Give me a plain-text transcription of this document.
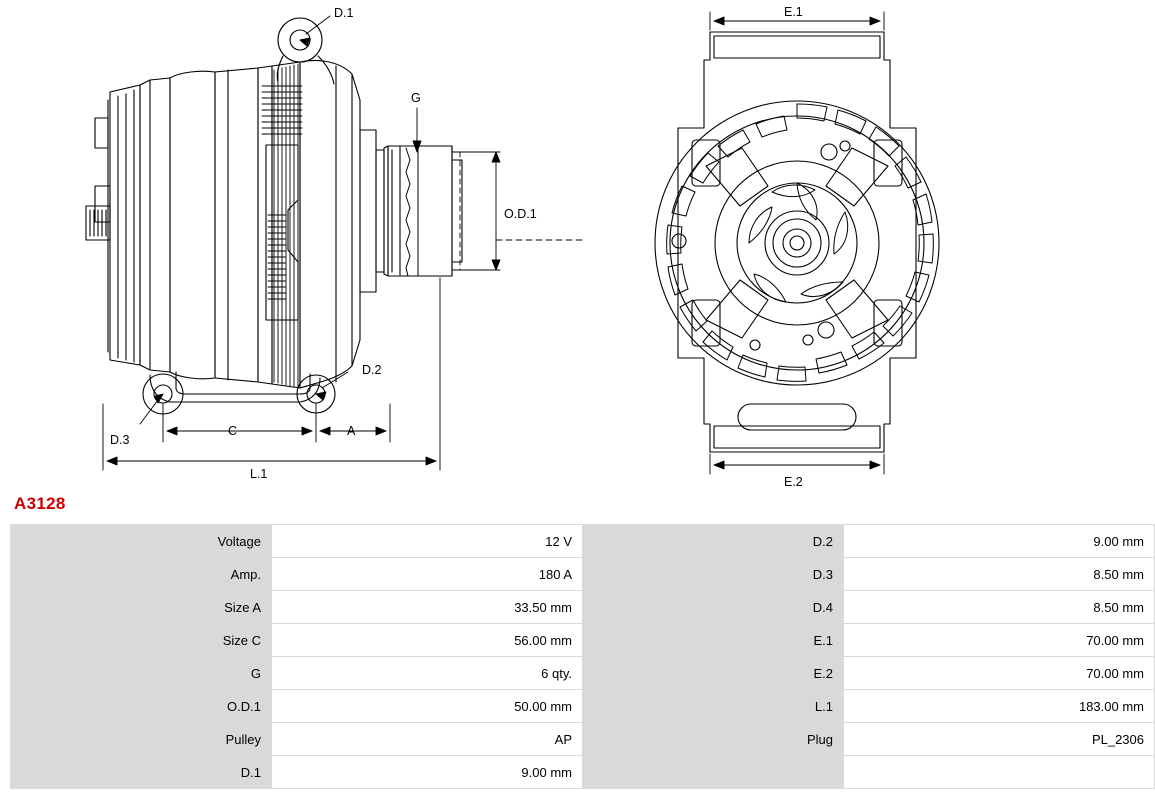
D.1
G
O.D.1
D.2
D.3
C	A
L.1
E.1
E.2
A3128
Voltage	12 V	D.2	9.00 mm
Amp.	180 A	D.3	8.50 mm
Size A	33.50 mm	D.4	8.50 mm
Size C	56.00 mm	E.1	70.00 mm
G	6 qty.	E.2	70.00 mm
O.D.1	50.00 mm	L.1	183.00 mm
Pulley	AP	Plug	PL_2306
D.1	9.00 mm		
